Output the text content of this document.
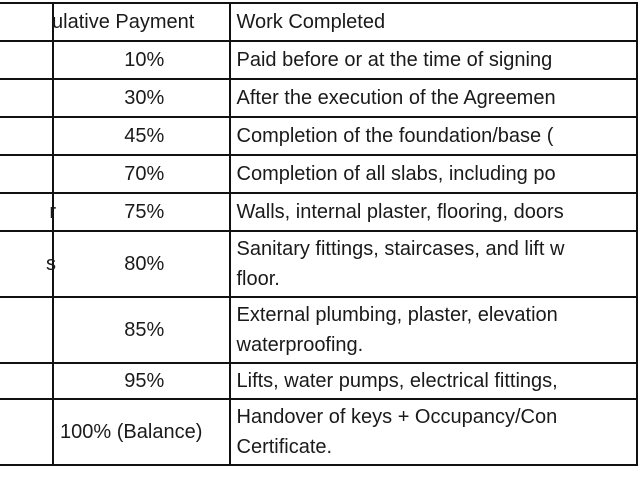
	ulative Payment	Work Completed

	10%	Paid before or at the time of signing

	30%	After the execution of the Agreemen

	45%	Completion of the foundation/base (

	70%	Completion of all slabs, including po

r	75%	Walls, internal plaster, flooring, doors

s	80%	Sanitary fittings, staircases, and lift w
floor.

	85%	External plumbing, plaster, elevation
waterproofing.

	95%	Lifts, water pumps, electrical fittings,

	100% (Balance)	Handover of keys + Occupancy/Con
Certificate.
